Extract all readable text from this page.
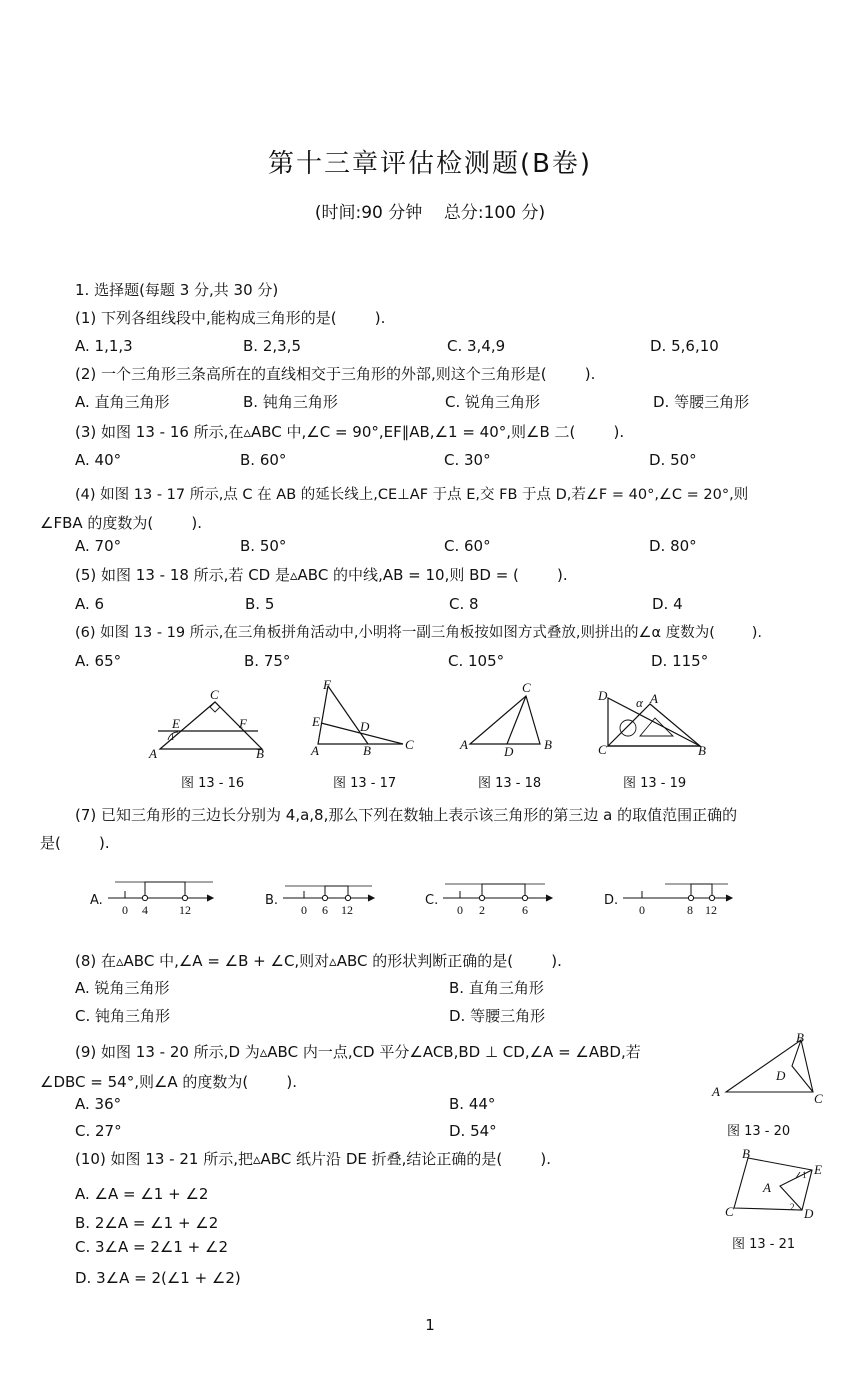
第十三章评估检测题(B卷)
(时间:90 分钟    总分:100 分)
1. 选择题(每题 3 分,共 30 分)
(1) 下列各组线段中,能构成三角形的是(        ).
A. 1,1,3	B. 2,3,5	C. 3,4,9	D. 5,6,10
(2) 一个三角形三条高所在的直线相交于三角形的外部,则这个三角形是(        ).
A. 直角三角形	B. 钝角三角形	C. 锐角三角形	D. 等腰三角形
(3) 如图 13 - 16 所示,在▵ABC 中,∠C = 90°,EF∥AB,∠1 = 40°,则∠B 二(        ).
A. 40°	B. 60°	C. 30°	D. 50°
(4) 如图 13 - 17 所示,点 C 在 AB 的延长线上,CE⊥AF 于点 E,交 FB 于点 D,若∠F = 40°,∠C = 20°,则
∠FBA 的度数为(        ).
A. 70°	B. 50°	C. 60°	D. 80°
(5) 如图 13 - 18 所示,若 CD 是▵ABC 的中线,AB = 10,则 BD = (        ).
A. 6	B. 5	C. 8	D. 4
(6) 如图 13 - 19 所示,在三角板拼角活动中,小明将一副三角板按如图方式叠放,则拼出的∠α 度数为(        ).
A. 65°	B. 75°	C. 105°	D. 115°
A	B
C
E	F
1
F
E	D
A	B	C	A	B
C
D
D	A
α
C	B
图 13 - 16	图 13 - 17	图 13 - 18	图 13 - 19
(7) 已知三角形的三边长分别为 4,a,8,那么下列在数轴上表示该三角形的第三边 a 的取值范围正确的
是(        ).
A.
0 4	12
B.
0 6 12
C.
0 2	6
D.
0	8 12
(8) 在▵ABC 中,∠A = ∠B + ∠C,则对▵ABC 的形状判断正确的是(        ).
A. 锐角三角形	B. 直角三角形
C. 钝角三角形	D. 等腰三角形
(9) 如图 13 - 20 所示,D 为▵ABC 内一点,CD 平分∠ACB,BD ⊥ CD,∠A = ∠ABD,若
∠DBC = 54°,则∠A 的度数为(        ).
A. 36°	B. 44°
C. 27°	D. 54°
A
B
C
D
图 13 - 20
(10) 如图 13 - 21 所示,把▵ABC 纸片沿 DE 折叠,结论正确的是(        ).
A. ∠A = ∠1 + ∠2
B. 2∠A = ∠1 + ∠2
C. 3∠A = 2∠1 + ∠2
D. 3∠A = 2(∠1 + ∠2)
B
E
C	D
A
1
2
图 13 - 21
1
